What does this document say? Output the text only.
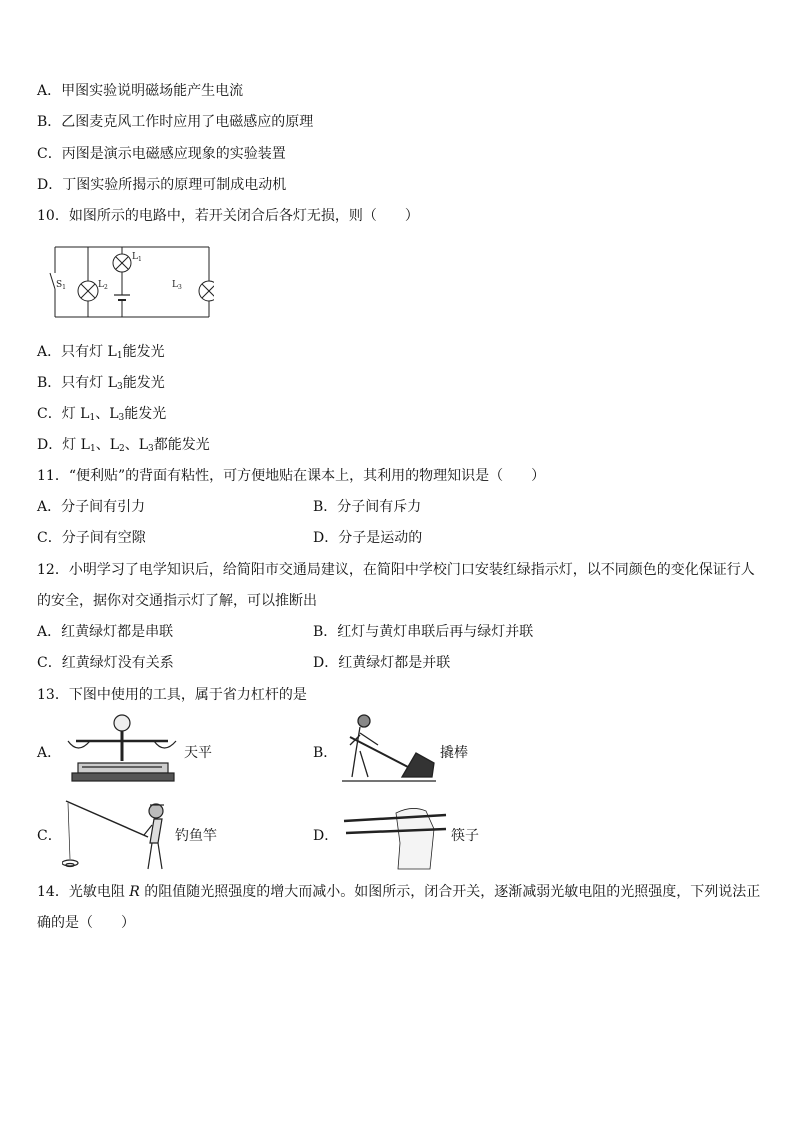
A．甲图实验说明磁场能产生电流
B．乙图麦克风工作时应用了电磁感应的原理
C．丙图是演示电磁感应现象的实验装置
D．丁图实验所揭示的原理可制成电动机
10．如图所示的电路中，若开关闭合后各灯无损，则（　　）
$S_1$	$L_2$
$L_1$
$L_3$
A．只有灯 $L_1$能发光
B．只有灯 $L_3$能发光
C．灯 $L_1$、$L_3$能发光
D．灯 $L_1$、$L_2$、$L_3$都能发光
11．“便利贴”的背面有粘性，可方便地贴在课本上，其利用的物理知识是（　　）
A．分子间有引力	B．分子间有斥力
C．分子间有空隙	D．分子是运动的
12．小明学习了电学知识后，给简阳市交通局建议，在简阳中学校门口安装红绿指示灯，以不同颜色的变化保证行人
的安全，据你对交通指示灯了解，可以推断出
A．红黄绿灯都是串联	B．红灯与黄灯串联后再与绿灯并联
C．红黄绿灯没有关系	D．红黄绿灯都是并联
13．下图中使用的工具，属于省力杠杆的是
A．	天平	B．	撬棒
C．	钓鱼竿	D．	筷子
14．光敏电阻 R 的阻值随光照强度的增大而减小。如图所示，闭合开关，逐渐减弱光敏电阻的光照强度，下列说法正
确的是（　　）
